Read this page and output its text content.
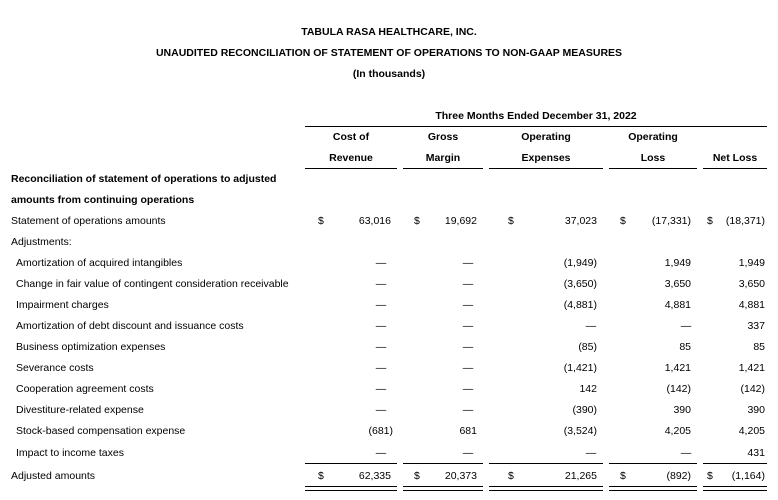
TABULA RASA HEALTHCARE, INC.
UNAUDITED RECONCILIATION OF STATEMENT OF OPERATIONS TO NON-GAAP MEASURES
(In thousands)
Three Months Ended December 31, 2022
Cost of
Revenue
Gross
Margin
Operating
Expenses
Operating
Loss	Net Loss
Reconciliation of statement of operations to adjusted
amounts from continuing operations
Statement of operations amounts	$	63,016 $	19,692	$	37,023 $	(17,331) $	(18,371)
Adjustments:
Amortization of acquired intangibles	—	—	(1,949)	1,949	1,949
Change in fair value of contingent consideration receivable	—	—	(3,650)	3,650	3,650
Impairment charges	—	—	(4,881)	4,881	4,881
Amortization of debt discount and issuance costs	—	—	—	—	337
Business optimization expenses	—	—	(85)	85	85
Severance costs	—	—	(1,421)	1,421	1,421
Cooperation agreement costs	—	—	142	(142)	(142)
Divestiture-related expense	—	—	(390)	390	390
Stock-based compensation expense	(681)	681	(3,524)	4,205	4,205
Impact to income taxes	—	—	—	—	431
Adjusted amounts	$	62,335 $	20,373	$	21,265 $	(892) $	(1,164)
